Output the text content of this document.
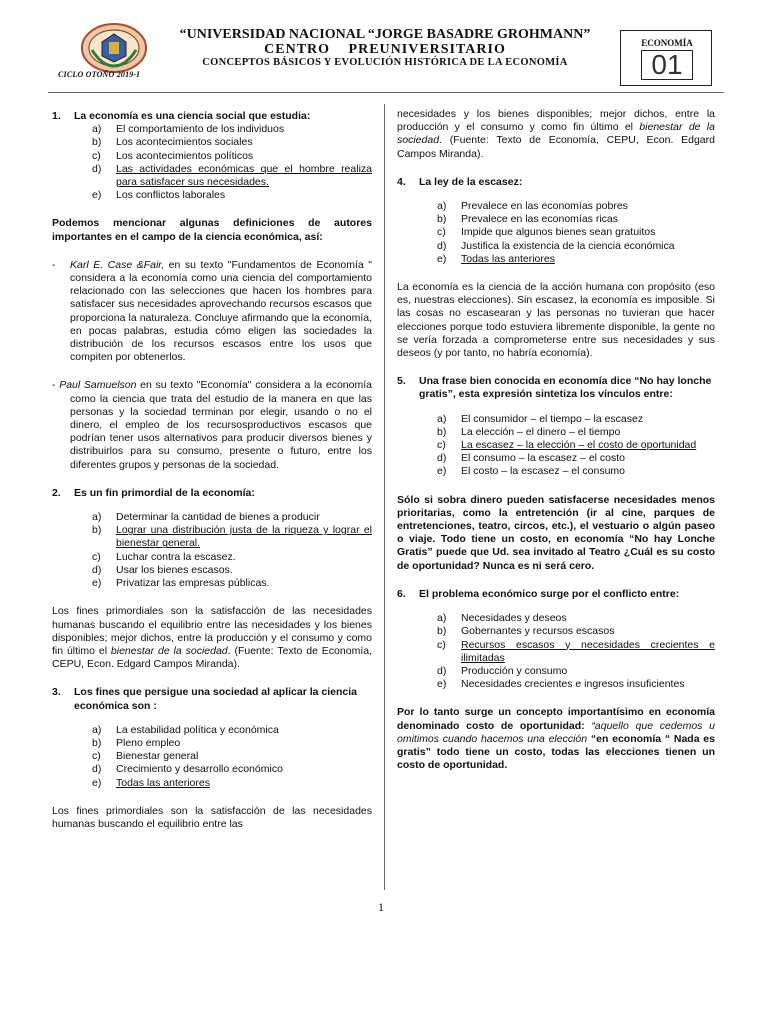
CICLO OTOÑO 2019-I
“UNIVERSIDAD NACIONAL “JORGE BASADRE GROHMANN”
CENTRO PREUNIVERSITARIO
CONCEPTOS BÁSICOS Y EVOLUCIÓN HISTÓRICA DE LA ECONOMÍA
ECONOMÍA
01
1.	La economía es una ciencia social que estudia:
a)	El comportamiento de los individuos
b)	Los acontecimientos sociales
c)	Los acontecimientos políticos
d)	Las actividades económicas que el hombre realiza para satisfacer sus necesidades.
e)	Los conflictos laborales

Podemos mencionar algunas definiciones de autores importantes en el campo de la ciencia económica, así:

-	Karl E. Case &Fair, en su texto "Fundamentos de Economía " considera a la economía como una ciencia del comportamiento relacionado con las selecciones que hacen los hombres para satisfacer sus necesidades aprovechando recursos escasos que proporciona la naturaleza. Concluye afirmando que la economía, en pocas palabras, estudia cómo eligen las sociedades la distribución de los recursos escasos entre los usos que compiten por obtenerlos.

- Paul Samuelson en su texto "Economía" considera a la economía como la ciencia que trata del estudio de la manera en que las personas y la sociedad terminan por elegir, usando o no el dinero, el empleo de los recursosproductivos escasos que podrían tener usos alternativos para producir diversos bienes y distribuirlos para su consumo, presente o futuro, entre los diferentes grupos y personas de la sociedad.

2.	Es un fin primordial de la economía:
a)	Determinar la cantidad de bienes a producir
b)	Lograr una distribución justa de la riqueza y lograr el bienestar general.
c)	Luchar contra la escasez.
d)	Usar los bienes escasos.
e)	Privatizar las empresas públicas.

Los fines primordiales son la satisfacción de las necesidades humanas buscando el equilibrio entre las necesidades y los bienes disponibles; mejor dichos, entre la producción y el consumo y como fin último el bienestar de la sociedad. (Fuente: Texto de Economía, CEPU, Econ. Edgard Campos Miranda).

3.	Los fines que persigue una sociedad al aplicar la ciencia económica son :
a)	La estabilidad política y económica
b)	Pleno empleo
c)	Bienestar general
d)	Crecimiento y desarrollo económico
e)	Todas las anteriores

Los fines primordiales son la satisfacción de las necesidades humanas buscando el equilibrio entre las

necesidades y los bienes disponibles; mejor dichos, entre la producción y el consumo y como fin último el bienestar de la sociedad. (Fuente: Texto de Economía, CEPU, Econ. Edgard Campos Miranda).

4.	La ley de la escasez:
a)	Prevalece en las economías pobres
b)	Prevalece en las economías ricas
c)	Impide que algunos bienes sean gratuitos
d)	Justifica la existencia de la ciencia económica
e)	Todas las anteriores

La economía es la ciencia de la acción humana con propósito (eso es, nuestras elecciones). Sin escasez, la economía es imposible. Si las cosas no escasearan y las personas no tuvieran que hacer elecciones porque todo estuviera libremente disponible, la gente no se vería forzada a comprometerse entre sus necesidades y sus deseos (y por tanto, no habría economía).

5.	Una frase bien conocida en economía dice “No hay lonche gratis”, esta expresión sintetiza los vínculos entre:
a)	El consumidor – el tiempo – la escasez
b)	La elección – el dinero – el tiempo
c)	La escasez – la elección – el costo de oportunidad
d)	El consumo – la escasez – el costo
e)	El costo – la escasez – el consumo

Sólo si sobra dinero pueden satisfacerse necesidades menos prioritarias, como la entretención (ir al cine, parques de entretenciones, teatro, circos, etc.), el vestuario o algún paseo o viaje. Todo tiene un costo, en economía “No hay Lonche Gratis” puede que Ud. sea invitado al Teatro ¿Cuál es su costo de oportunidad? Nunca es ni será cero.

6.	El problema económico surge por el conflicto entre:
a)	Necesidades y deseos
b)	Gobernantes y recursos escasos
c)	Recursos escasos y necesidades crecientes e ilimitadas
d)	Producción y consumo
e)	Necesidades crecientes e ingresos insuficientes

Por lo tanto surge un concepto importantísimo en economía denominado costo de oportunidad: “aquello que cedemos u omitimos cuando hacemos una elección “en economía “ Nada es gratis” todo tiene un costo, todas las elecciones tienen un costo de oportunidad.

1
